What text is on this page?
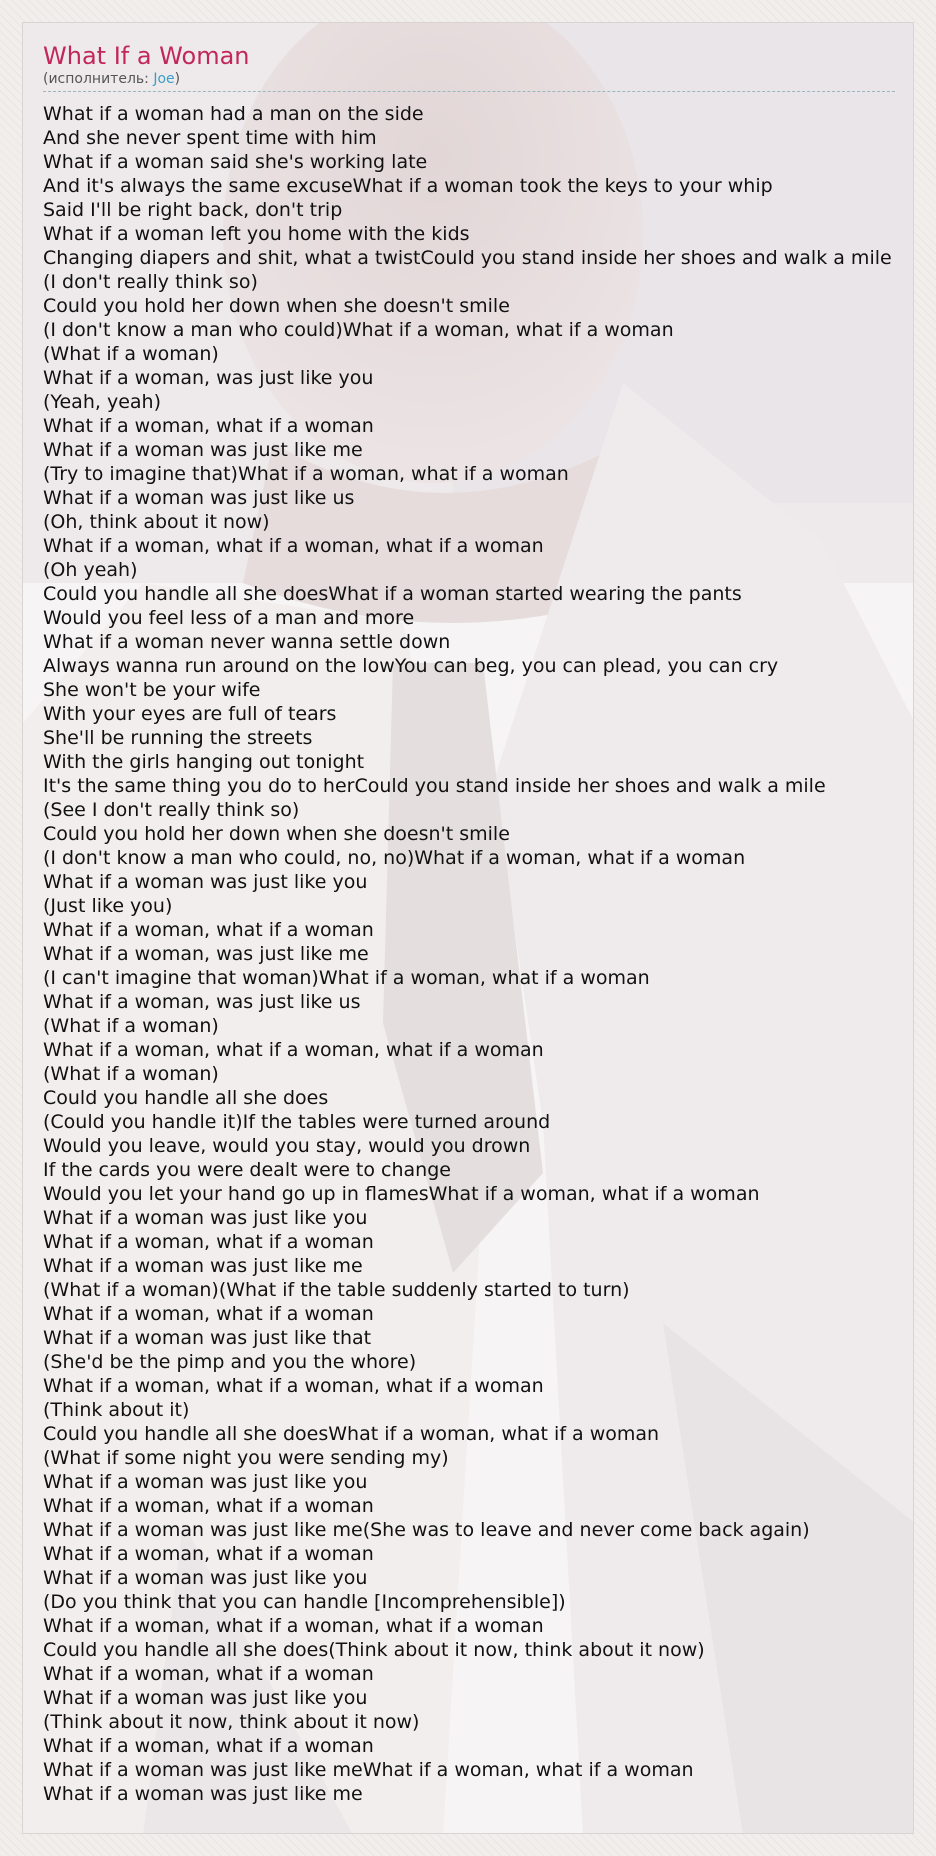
What If a Woman

(исполнитель: Joe)

What if a woman had a man on the side
And she never spent time with him
What if a woman said she's working late
And it's always the same excuseWhat if a woman took the keys to your whip
Said I'll be right back, don't trip
What if a woman left you home with the kids
Changing diapers and shit, what a twistCould you stand inside her shoes and walk a mile
(I don't really think so)
Could you hold her down when she doesn't smile
(I don't know a man who could)What if a woman, what if a woman
(What if a woman)
What if a woman, was just like you
(Yeah, yeah)
What if a woman, what if a woman
What if a woman was just like me
(Try to imagine that)What if a woman, what if a woman
What if a woman was just like us
(Oh, think about it now)
What if a woman, what if a woman, what if a woman
(Oh yeah)
Could you handle all she doesWhat if a woman started wearing the pants
Would you feel less of a man and more
What if a woman never wanna settle down
Always wanna run around on the lowYou can beg, you can plead, you can cry
She won't be your wife
With your eyes are full of tears
She'll be running the streets
With the girls hanging out tonight
It's the same thing you do to herCould you stand inside her shoes and walk a mile
(See I don't really think so)
Could you hold her down when she doesn't smile
(I don't know a man who could, no, no)What if a woman, what if a woman
What if a woman was just like you
(Just like you)
What if a woman, what if a woman
What if a woman, was just like me
(I can't imagine that woman)What if a woman, what if a woman
What if a woman, was just like us
(What if a woman)
What if a woman, what if a woman, what if a woman
(What if a woman)
Could you handle all she does
(Could you handle it)If the tables were turned around
Would you leave, would you stay, would you drown
If the cards you were dealt were to change
Would you let your hand go up in flamesWhat if a woman, what if a woman
What if a woman was just like you
What if a woman, what if a woman
What if a woman was just like me
(What if a woman)(What if the table suddenly started to turn)
What if a woman, what if a woman
What if a woman was just like that
(She'd be the pimp and you the whore)
What if a woman, what if a woman, what if a woman
(Think about it)
Could you handle all she doesWhat if a woman, what if a woman
(What if some night you were sending my)
What if a woman was just like you
What if a woman, what if a woman
What if a woman was just like me(She was to leave and never come back again)
What if a woman, what if a woman
What if a woman was just like you
(Do you think that you can handle [Incomprehensible])
What if a woman, what if a woman, what if a woman
Could you handle all she does(Think about it now, think about it now)
What if a woman, what if a woman
What if a woman was just like you
(Think about it now, think about it now)
What if a woman, what if a woman
What if a woman was just like meWhat if a woman, what if a woman
What if a woman was just like me
